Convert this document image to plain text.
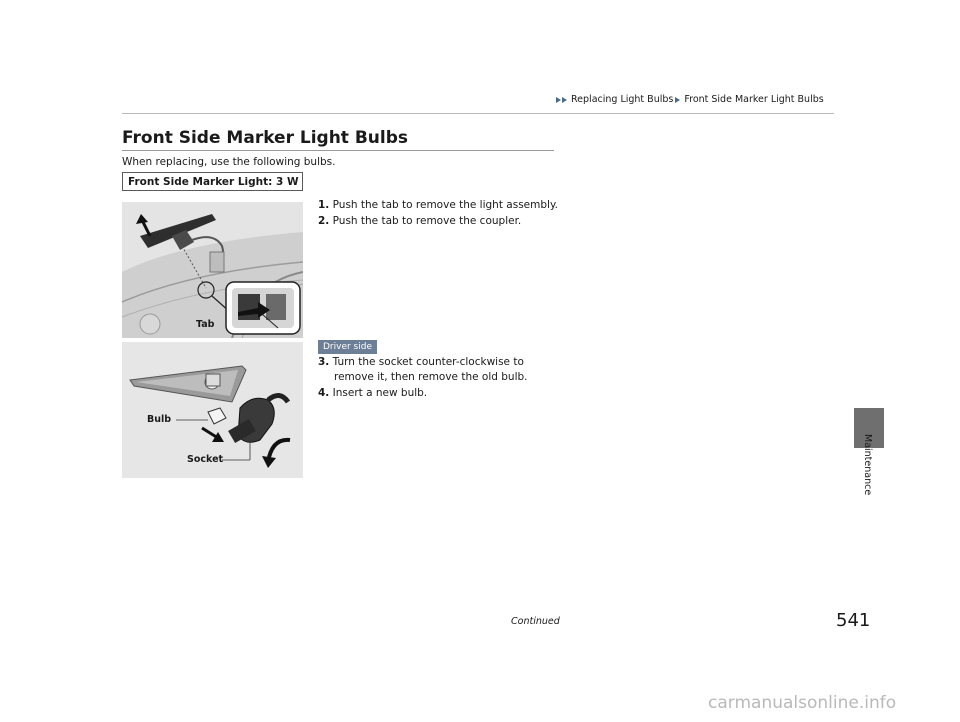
Replacing Light Bulbs Front Side Marker Light Bulbs
Front Side Marker Light Bulbs
When replacing, use the following bulbs.
Front Side Marker Light: 3 W
Tab
1. Push the tab to remove the light assembly.
2. Push the tab to remove the coupler.
Driver side
Bulb
Socket
3. Turn the socket counter-clockwise to
remove it, then remove the old bulb.
4. Insert a new bulb.
Maintenance
Continued	541
carmanualsonline.info
